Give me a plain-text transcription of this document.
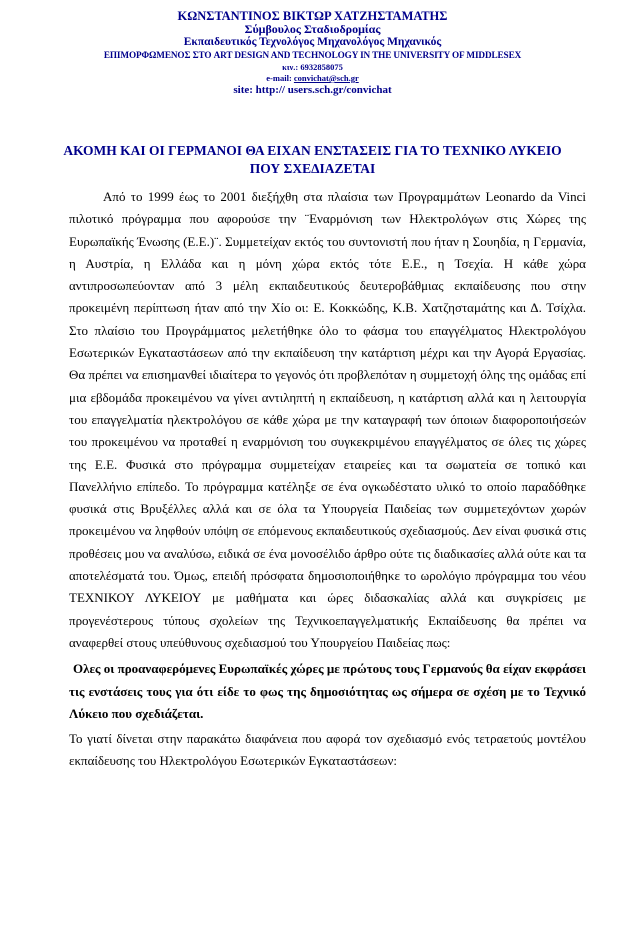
ΚΩΝΣΤΑΝΤΙΝΟΣ ΒΙΚΤΩΡ ΧΑΤΖΗΣΤΑΜΑΤΗΣ
Σύμβουλος Σταδιοδρομίας
Εκπαιδευτικός Τεχνολόγος Μηχανολόγος Μηχανικός
ΕΠΙΜΟΡΦΩΜΕΝΟΣ ΣΤΟ ART DESIGN AND TECHNOLOGY IN THE UNIVERSITY OF MIDDLESEX
κιν.: 6932858075
e-mail: convichat@sch.gr
site: http:// users.sch.gr/convichat
ΑΚΟΜΗ ΚΑΙ ΟΙ ΓΕΡΜΑΝΟΙ ΘΑ ΕΙΧΑΝ ΕΝΣΤΑΣΕΙΣ ΓΙΑ ΤΟ ΤΕΧΝΙΚΟ ΛΥΚΕΙΟ ΠΟΥ ΣΧΕΔΙΑΖΕΤΑΙ

Από το 1999 έως το 2001 διεξήχθη στα πλαίσια των Προγραμμάτων Leonardo da Vinci πιλοτικό πρόγραμμα που αφορούσε την ¨Εναρμόνιση των Ηλεκτρολόγων στις Χώρες της Ευρωπαϊκής Ένωσης (Ε.Ε.)¨. Συμμετείχαν εκτός του συντονιστή που ήταν η Σουηδία, η Γερμανία, η Αυστρία, η Ελλάδα και η μόνη χώρα εκτός τότε Ε.Ε., η Τσεχία. Η κάθε χώρα αντιπροσωπεύονταν από 3 μέλη εκπαιδευτικούς δευτεροβάθμιας εκπαίδευσης που στην προκειμένη περίπτωση ήταν από την Χίο οι: Ε. Κοκκώδης, Κ.Β. Χατζησταμάτης και Δ. Τσίχλα. Στο πλαίσιο του Προγράμματος μελετήθηκε όλο το φάσμα του επαγγέλματος Ηλεκτρολόγου Εσωτερικών Εγκαταστάσεων από την εκπαίδευση την κατάρτιση μέχρι και την Αγορά Εργασίας. Θα πρέπει να επισημανθεί ιδιαίτερα το γεγονός ότι προβλεπόταν η συμμετοχή όλης της ομάδας επί μια εβδομάδα προκειμένου να γίνει αντιληπτή η εκπαίδευση, η κατάρτιση αλλά και η λειτουργία του επαγγελματία ηλεκτρολόγου σε κάθε χώρα με την καταγραφή των όποιων διαφοροποιήσεών του προκειμένου να προταθεί η εναρμόνιση του συγκεκριμένου επαγγέλματος σε όλες τις χώρες της Ε.Ε. Φυσικά στο πρόγραμμα συμμετείχαν εταιρείες και τα σωματεία σε τοπικό και Πανελλήνιο επίπεδο. Το πρόγραμμα κατέληξε σε ένα ογκωδέστατο υλικό το οποίο παραδόθηκε φυσικά στις Βρυξέλλες αλλά και σε όλα τα Υπουργεία Παιδείας των συμμετεχόντων χωρών προκειμένου να ληφθούν υπόψη σε επόμενους εκπαιδευτικούς σχεδιασμούς. Δεν είναι φυσικά στις προθέσεις μου να αναλύσω, ειδικά σε ένα μονοσέλιδο άρθρο ούτε τις διαδικασίες αλλά ούτε και τα αποτελέσματά του. Όμως, επειδή πρόσφατα δημοσιοποιήθηκε το ωρολόγιο πρόγραμμα του νέου ΤΕΧΝΙΚΟΥ ΛΥΚΕΙΟΥ με μαθήματα και ώρες διδασκαλίας αλλά και συγκρίσεις με προγενέστερους τύπους σχολείων της Τεχνικοεπαγγελματικής Εκπαίδευσης θα πρέπει να αναφερθεί στους υπεύθυνους σχεδιασμού του Υπουργείου Παιδείας πως:

Ολες οι προαναφερόμενες Ευρωπαϊκές χώρες με πρώτους τους Γερμανούς θα είχαν εκφράσει τις ενστάσεις τους για ότι είδε το φως της δημοσιότητας ως σήμερα σε σχέση με το Τεχνικό Λύκειο που σχεδιάζεται.

Το γιατί δίνεται στην παρακάτω διαφάνεια που αφορά τον σχεδιασμό ενός τετραετούς μοντέλου εκπαίδευσης του Ηλεκτρολόγου Εσωτερικών Εγκαταστάσεων:
